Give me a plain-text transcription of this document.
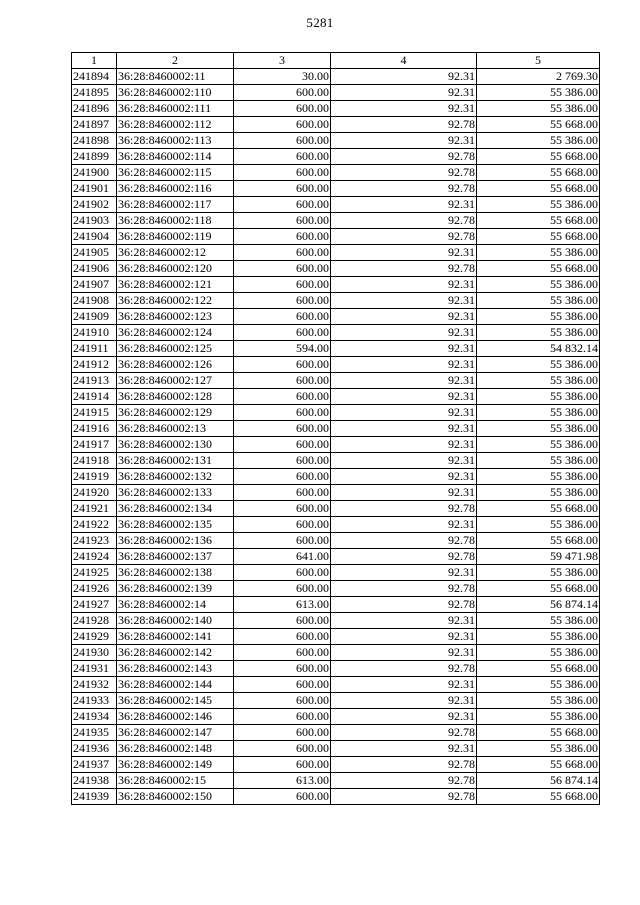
5281
1	2	3	4	5
241894	36:28:8460002:11	30.00	92.31	2 769.30
241895	36:28:8460002:110	600.00	92.31	55 386.00
241896	36:28:8460002:111	600.00	92.31	55 386.00
241897	36:28:8460002:112	600.00	92.78	55 668.00
241898	36:28:8460002:113	600.00	92.31	55 386.00
241899	36:28:8460002:114	600.00	92.78	55 668.00
241900	36:28:8460002:115	600.00	92.78	55 668.00
241901	36:28:8460002:116	600.00	92.78	55 668.00
241902	36:28:8460002:117	600.00	92.31	55 386.00
241903	36:28:8460002:118	600.00	92.78	55 668.00
241904	36:28:8460002:119	600.00	92.78	55 668.00
241905	36:28:8460002:12	600.00	92.31	55 386.00
241906	36:28:8460002:120	600.00	92.78	55 668.00
241907	36:28:8460002:121	600.00	92.31	55 386.00
241908	36:28:8460002:122	600.00	92.31	55 386.00
241909	36:28:8460002:123	600.00	92.31	55 386.00
241910	36:28:8460002:124	600.00	92.31	55 386.00
241911	36:28:8460002:125	594.00	92.31	54 832.14
241912	36:28:8460002:126	600.00	92.31	55 386.00
241913	36:28:8460002:127	600.00	92.31	55 386.00
241914	36:28:8460002:128	600.00	92.31	55 386.00
241915	36:28:8460002:129	600.00	92.31	55 386.00
241916	36:28:8460002:13	600.00	92.31	55 386.00
241917	36:28:8460002:130	600.00	92.31	55 386.00
241918	36:28:8460002:131	600.00	92.31	55 386.00
241919	36:28:8460002:132	600.00	92.31	55 386.00
241920	36:28:8460002:133	600.00	92.31	55 386.00
241921	36:28:8460002:134	600.00	92.78	55 668.00
241922	36:28:8460002:135	600.00	92.31	55 386.00
241923	36:28:8460002:136	600.00	92.78	55 668.00
241924	36:28:8460002:137	641.00	92.78	59 471.98
241925	36:28:8460002:138	600.00	92.31	55 386.00
241926	36:28:8460002:139	600.00	92.78	55 668.00
241927	36:28:8460002:14	613.00	92.78	56 874.14
241928	36:28:8460002:140	600.00	92.31	55 386.00
241929	36:28:8460002:141	600.00	92.31	55 386.00
241930	36:28:8460002:142	600.00	92.31	55 386.00
241931	36:28:8460002:143	600.00	92.78	55 668.00
241932	36:28:8460002:144	600.00	92.31	55 386.00
241933	36:28:8460002:145	600.00	92.31	55 386.00
241934	36:28:8460002:146	600.00	92.31	55 386.00
241935	36:28:8460002:147	600.00	92.78	55 668.00
241936	36:28:8460002:148	600.00	92.31	55 386.00
241937	36:28:8460002:149	600.00	92.78	55 668.00
241938	36:28:8460002:15	613.00	92.78	56 874.14
241939	36:28:8460002:150	600.00	92.78	55 668.00
